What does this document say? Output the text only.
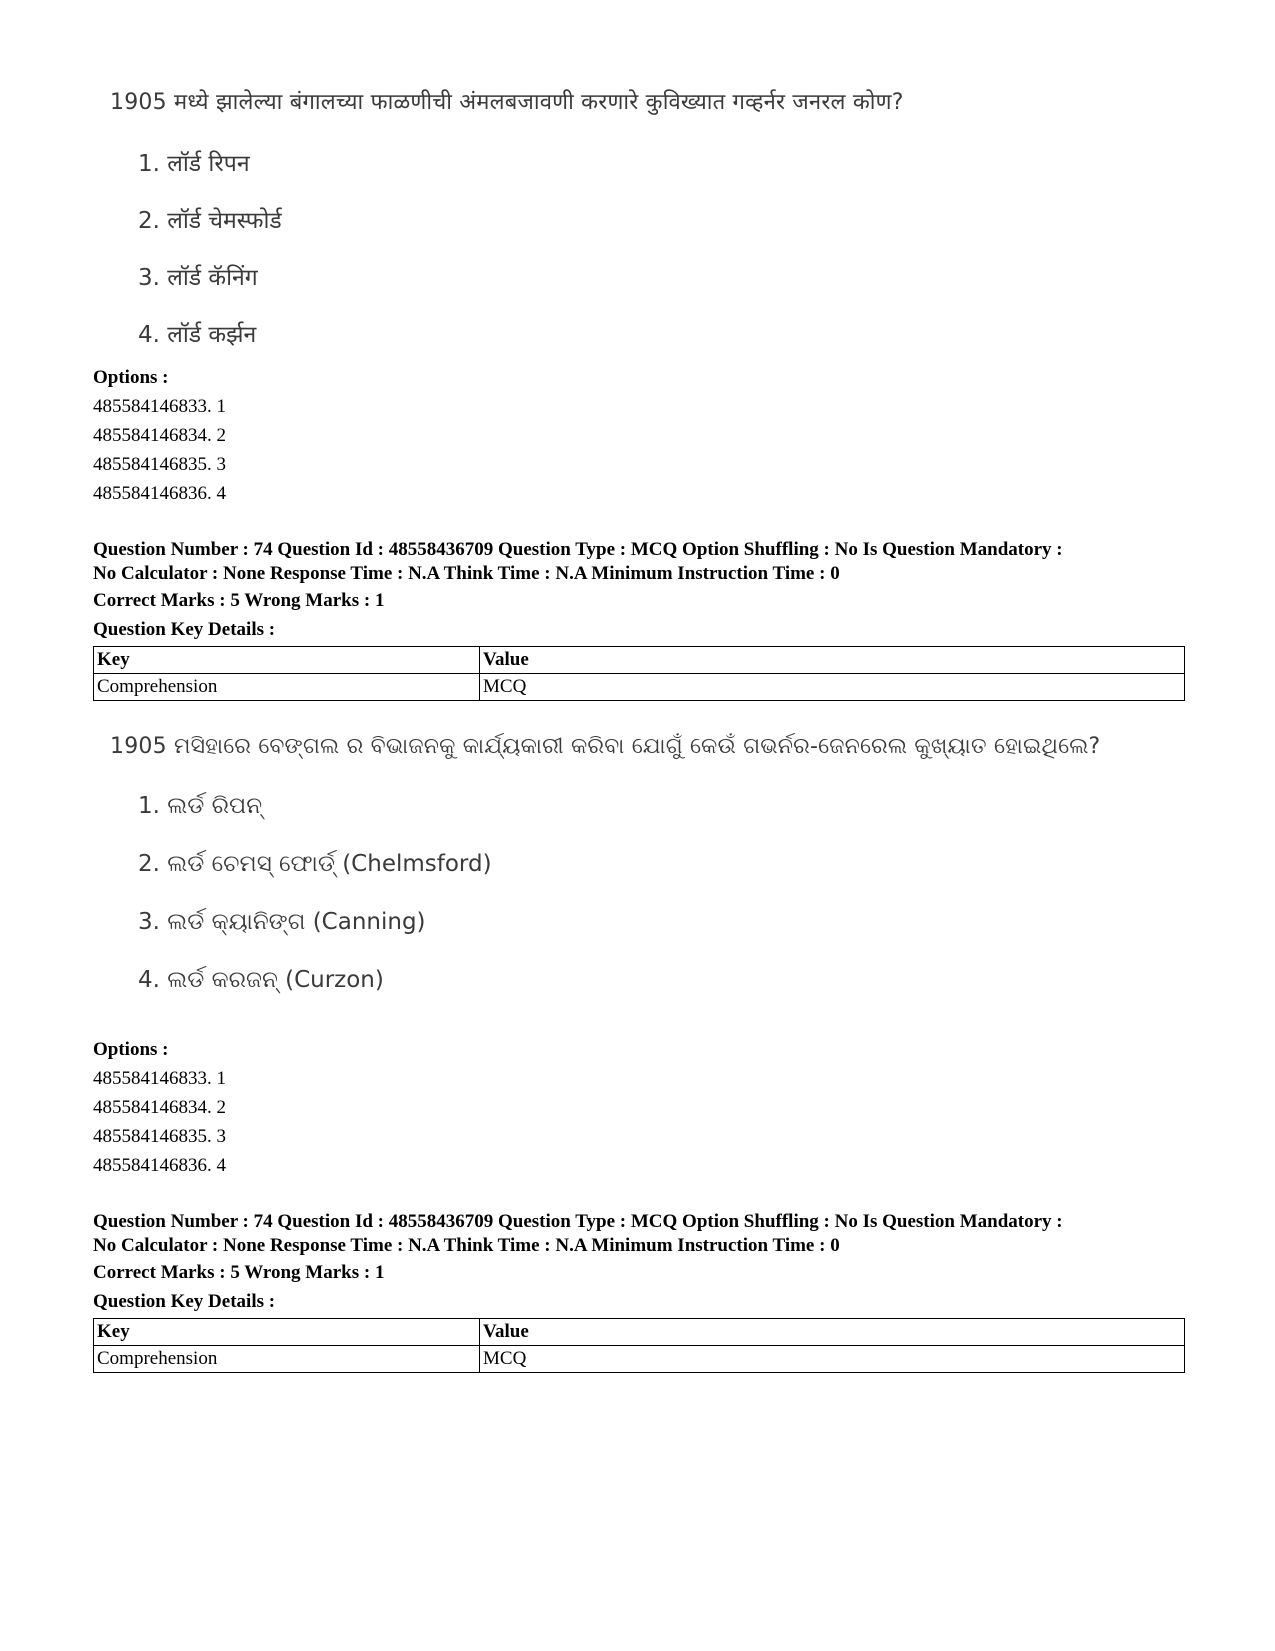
1905 मध्ये झालेल्या बंगालच्या फाळणीची अंमलबजावणी करणारे कुविख्यात गव्हर्नर जनरल कोण?
1. लॉर्ड रिपन
2. लॉर्ड चेमस्फोर्ड
3. लॉर्ड कॅनिंग
4. लॉर्ड कर्झन
Options :
485584146833. 1
485584146834. 2
485584146835. 3
485584146836. 4
Question Number : 74 Question Id : 48558436709 Question Type : MCQ Option Shuffling : No Is Question Mandatory :
No Calculator : None Response Time : N.A Think Time : N.A Minimum Instruction Time : 0
Correct Marks : 5 Wrong Marks : 1
Question Key Details :
Key	Value
Comprehension	MCQ
1905 ମସିହାରେ ବେଙ୍ଗଲ ର ବିଭାଜନକୁ କାର୍ଯ୍ୟକାରୀ କରିବା ଯୋଗୁଁ କେଉଁ ଗଭର୍ନର-ଜେନରେଲ କୁଖ୍ୟାତ ହୋଇଥିଲେ?
1. ଲର୍ଡ ରିପନ୍
2. ଲର୍ଡ ଚେମସ୍ ଫୋର୍ଡ୍ (Chelmsford)
3. ଲର୍ଡ କ୍ୟାନିଙ୍ଗ (Canning)
4. ଲର୍ଡ କରଜନ୍ (Curzon)
Options :
485584146833. 1
485584146834. 2
485584146835. 3
485584146836. 4
Question Number : 74 Question Id : 48558436709 Question Type : MCQ Option Shuffling : No Is Question Mandatory :
No Calculator : None Response Time : N.A Think Time : N.A Minimum Instruction Time : 0
Correct Marks : 5 Wrong Marks : 1
Question Key Details :
Key	Value
Comprehension	MCQ
